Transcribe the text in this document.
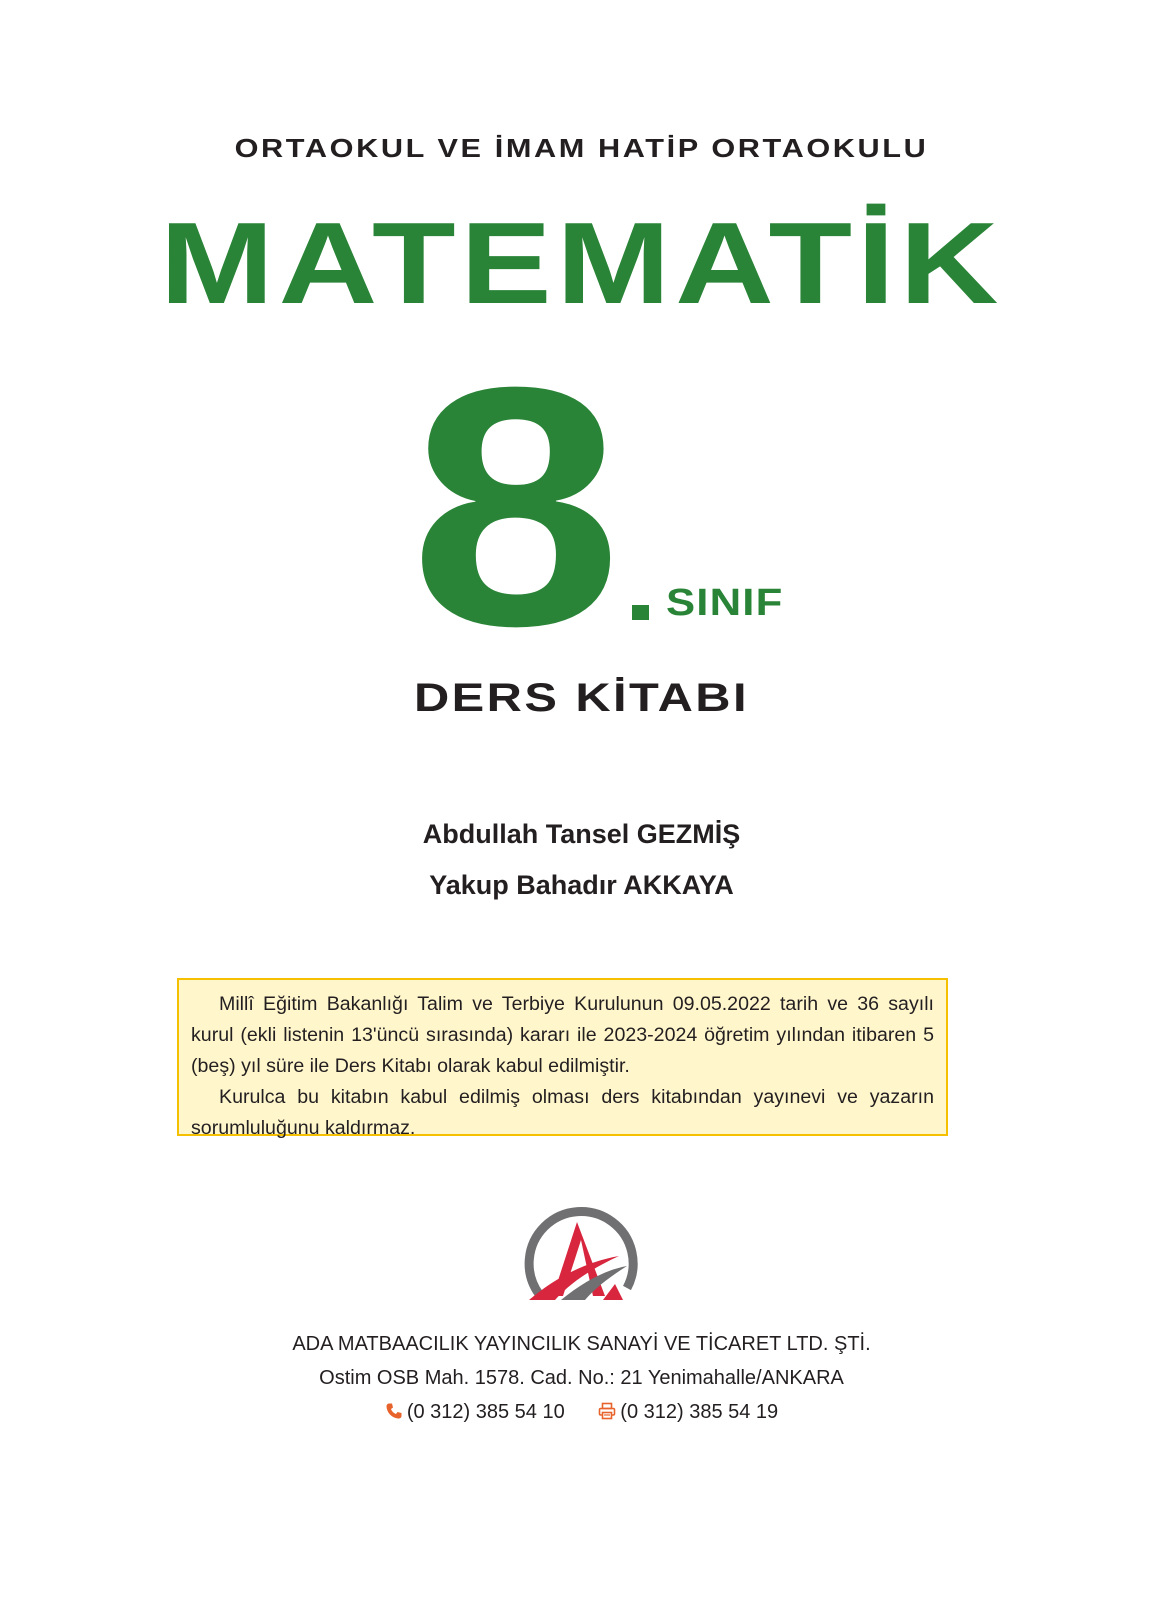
ORTAOKUL VE İMAM HATİP ORTAOKULU
MATEMATİK
8 SINIF
DERS KİTABI
Abdullah Tansel GEZMİŞ
Yakup Bahadır AKKAYA

Millî Eğitim Bakanlığı Talim ve Terbiye Kurulunun 09.05.2022 tarih ve 36 sayılı kurul (ekli listenin 13'üncü sırasında) kararı ile 2023-2024 öğretim yılından itibaren 5 (beş) yıl süre ile Ders Kitabı olarak kabul edilmiştir.

Kurulca bu kitabın kabul edilmiş olması ders kitabından yayınevi ve yazarın sorumluluğunu kaldırmaz.

ADA MATBAACILIK YAYINCILIK SANAYİ VE TİCARET LTD. ŞTİ.
Ostim OSB Mah. 1578. Cad. No.: 21 Yenimahalle/ANKARA
(0 312) 385 54 10	(0 312) 385 54 19
